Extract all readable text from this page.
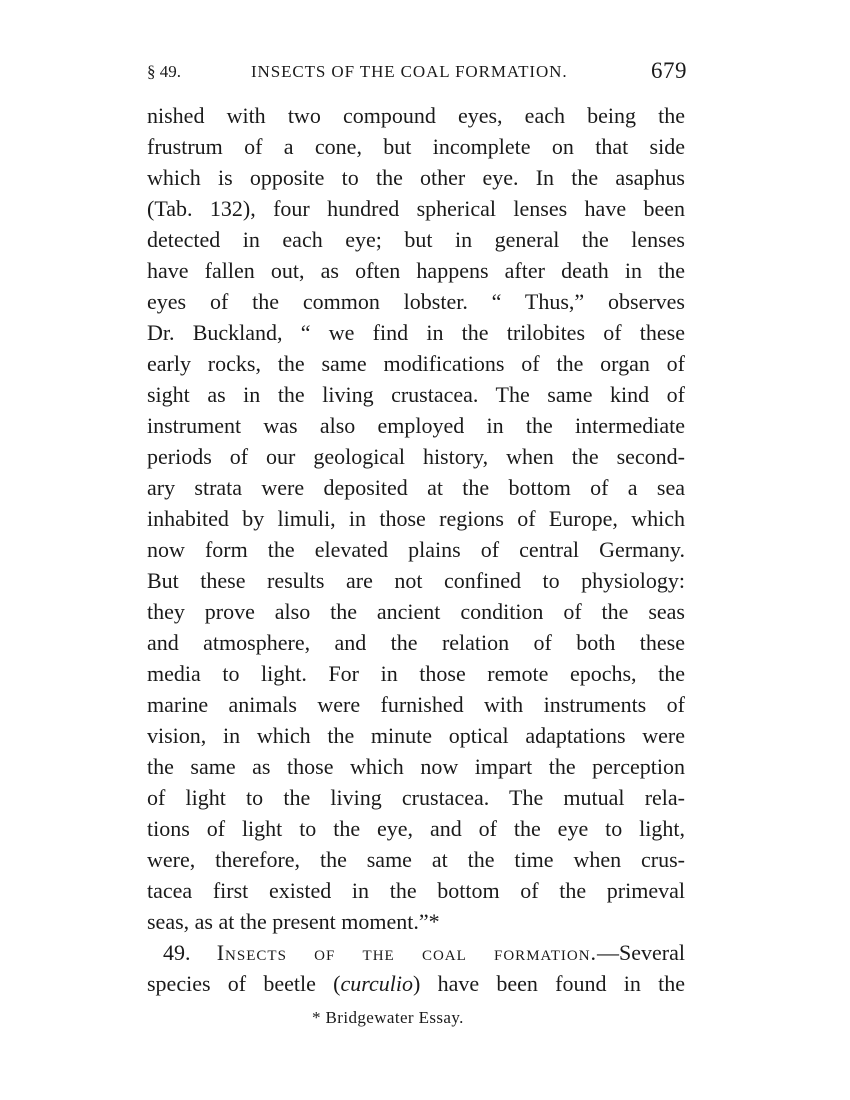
§ 49.	INSECTS OF THE COAL FORMATION.	679
nished with two compound eyes, each being the
frustrum of a cone, but incomplete on that side
which is opposite to the other eye. In the asaphus
(Tab. 132), four hundred spherical lenses have been
detected in each eye; but in general the lenses
have fallen out, as often happens after death in the
eyes of the common lobster. “ Thus,” observes
Dr. Buckland, “ we find in the trilobites of these
early rocks, the same modifications of the organ of
sight as in the living crustacea. The same kind of
instrument was also employed in the intermediate
periods of our geological history, when the second-
ary strata were deposited at the bottom of a sea
inhabited by limuli, in those regions of Europe, which
now form the elevated plains of central Germany.
But these results are not confined to physiology:
they prove also the ancient condition of the seas
and atmosphere, and the relation of both these
media to light. For in those remote epochs, the
marine animals were furnished with instruments of
vision, in which the minute optical adaptations were
the same as those which now impart the perception
of light to the living crustacea. The mutual rela-
tions of light to the eye, and of the eye to light,
were, therefore, the same at the time when crus-
tacea first existed in the bottom of the primeval
seas, as at the present moment.”*
49. Insects of the coal formation.—Several
species of beetle (curculio) have been found in the
* Bridgewater Essay.
